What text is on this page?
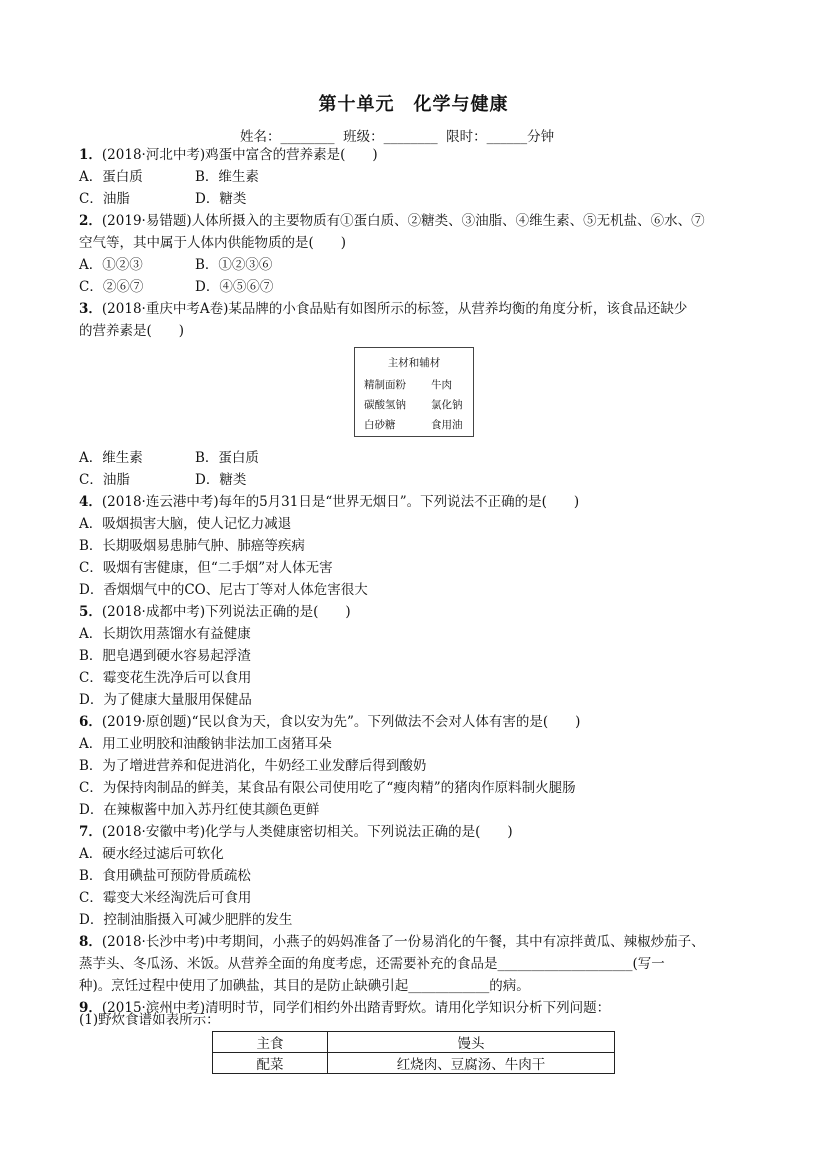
第十单元　化学与健康
姓名：________  班级：________  限时：______分钟
1．(2018·河北中考)鸡蛋中富含的营养素是(　　)
A．蛋白质	B．维生素
C．油脂	D．糖类
2．(2019·易错题)人体所摄入的主要物质有①蛋白质、②糖类、③油脂、④维生素、⑤无机盐、⑥水、⑦
空气等，其中属于人体内供能物质的是(　　)
A．①②③	B．①②③⑥
C．②⑥⑦	D．④⑤⑥⑦
3．(2018·重庆中考A卷)某品牌的小食品贴有如图所示的标签，从营养均衡的角度分析，该食品还缺少
的营养素是(　　)
主材和辅材
精制面粉 牛肉
碳酸氢钠 氯化钠
白砂糖	食用油
A．维生素	B．蛋白质
C．油脂	D．糖类
4．(2018·连云港中考)每年的5月31日是“世界无烟日”。下列说法不正确的是(　　)
A．吸烟损害大脑，使人记忆力减退
B．长期吸烟易患肺气肿、肺癌等疾病
C．吸烟有害健康，但“二手烟”对人体无害
D．香烟烟气中的CO、尼古丁等对人体危害很大
5．(2018·成都中考)下列说法正确的是(　　)
A．长期饮用蒸馏水有益健康
B．肥皂遇到硬水容易起浮渣
C．霉变花生洗净后可以食用
D．为了健康大量服用保健品
6．(2019·原创题)“民以食为天，食以安为先”。下列做法不会对人体有害的是(　　)
A．用工业明胶和油酸钠非法加工卤猪耳朵
B．为了增进营养和促进消化，牛奶经工业发酵后得到酸奶
C．为保持肉制品的鲜美，某食品有限公司使用吃了“瘦肉精”的猪肉作原料制火腿肠
D．在辣椒酱中加入苏丹红使其颜色更鲜
7．(2018·安徽中考)化学与人类健康密切相关。下列说法正确的是(　　)
A．硬水经过滤后可软化
B．食用碘盐可预防骨质疏松
C．霉变大米经淘洗后可食用
D．控制油脂摄入可减少肥胖的发生
8．(2018·长沙中考)中考期间，小燕子的妈妈准备了一份易消化的午餐，其中有凉拌黄瓜、辣椒炒茄子、
蒸芋头、冬瓜汤、米饭。从营养全面的角度考虑，还需要补充的食品是____________________(写一
种)。烹饪过程中使用了加碘盐，其目的是防止缺碘引起____________的病。
9．(2015·滨州中考)清明时节，同学们相约外出踏青野炊。请用化学知识分析下列问题：
(1)野炊食谱如表所示：
主食	馒头
配菜	红烧肉、豆腐汤、牛肉干
